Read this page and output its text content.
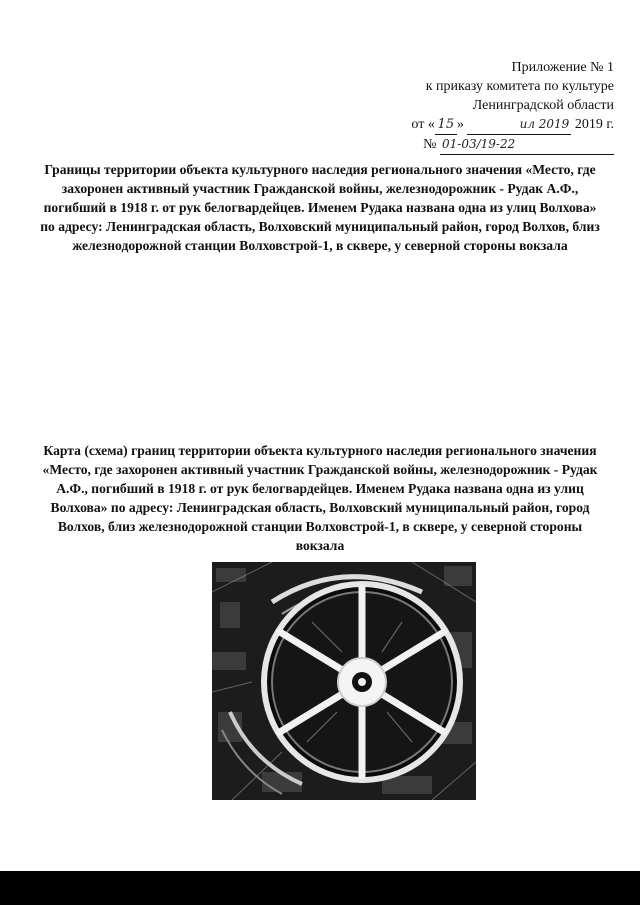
Приложение № 1
к приказу комитета по культуре
Ленинградской области
от « 15 »	ил 2019 2019 г.
№ 01-03/19-22
Границы территории объекта культурного наследия регионального значения «Место, где захоронен активный участник Гражданской войны, железнодорожник - Рудак А.Ф., погибший в 1918 г. от рук белогвардейцев. Именем Рудака названа одна из улиц Волхова» по адресу: Ленинградская область, Волховский муниципальный район, город Волхов, близ железнодорожной станции Волховстрой-1, в сквере, у северной стороны вокзала
Карта (схема) границ территории объекта культурного наследия регионального значения «Место, где захоронен активный участник Гражданской войны, железнодорожник - Рудак А.Ф., погибший в 1918 г. от рук белогвардейцев. Именем Рудака названа одна из улиц Волхова» по адресу: Ленинградская область, Волховский муниципальный район, город Волхов, близ железнодорожной станции Волховстрой-1, в сквере, у северной стороны вокзала
